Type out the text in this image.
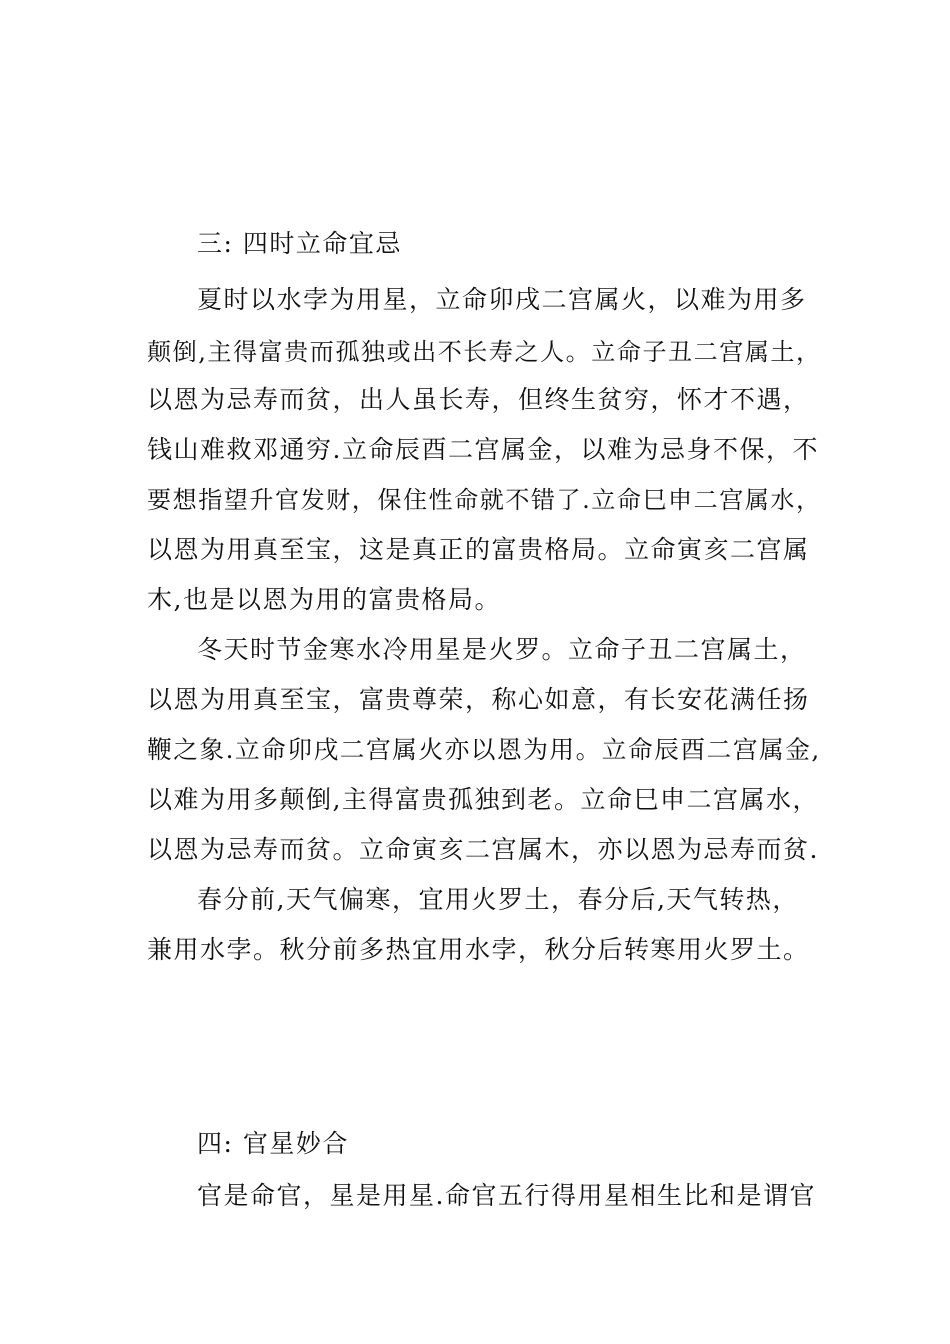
三: 四时立命宜忌
夏时以水孛为用星，立命卯戌二宫属火，以难为用多
颠倒,主得富贵而孤独或出不长寿之人。立命子丑二宫属土，
以恩为忌寿而贫，出人虽长寿，但终生贫穷，怀才不遇，
钱山难救邓通穷.立命辰酉二宫属金，以难为忌身不保，不
要想指望升官发财，保住性命就不错了.立命巳申二宫属水，
以恩为用真至宝，这是真正的富贵格局。立命寅亥二宫属
木,也是以恩为用的富贵格局。
冬天时节金寒水冷用星是火罗。立命子丑二宫属土，
以恩为用真至宝，富贵尊荣，称心如意，有长安花满任扬
鞭之象.立命卯戌二宫属火亦以恩为用。立命辰酉二宫属金,
以难为用多颠倒,主得富贵孤独到老。立命巳申二宫属水，
以恩为忌寿而贫。立命寅亥二宫属木，亦以恩为忌寿而贫.
春分前,天气偏寒，宜用火罗土，春分后,天气转热，
兼用水孛。秋分前多热宜用水孛，秋分后转寒用火罗土。
四: 官星妙合
官是命官，星是用星.命官五行得用星相生比和是谓官
